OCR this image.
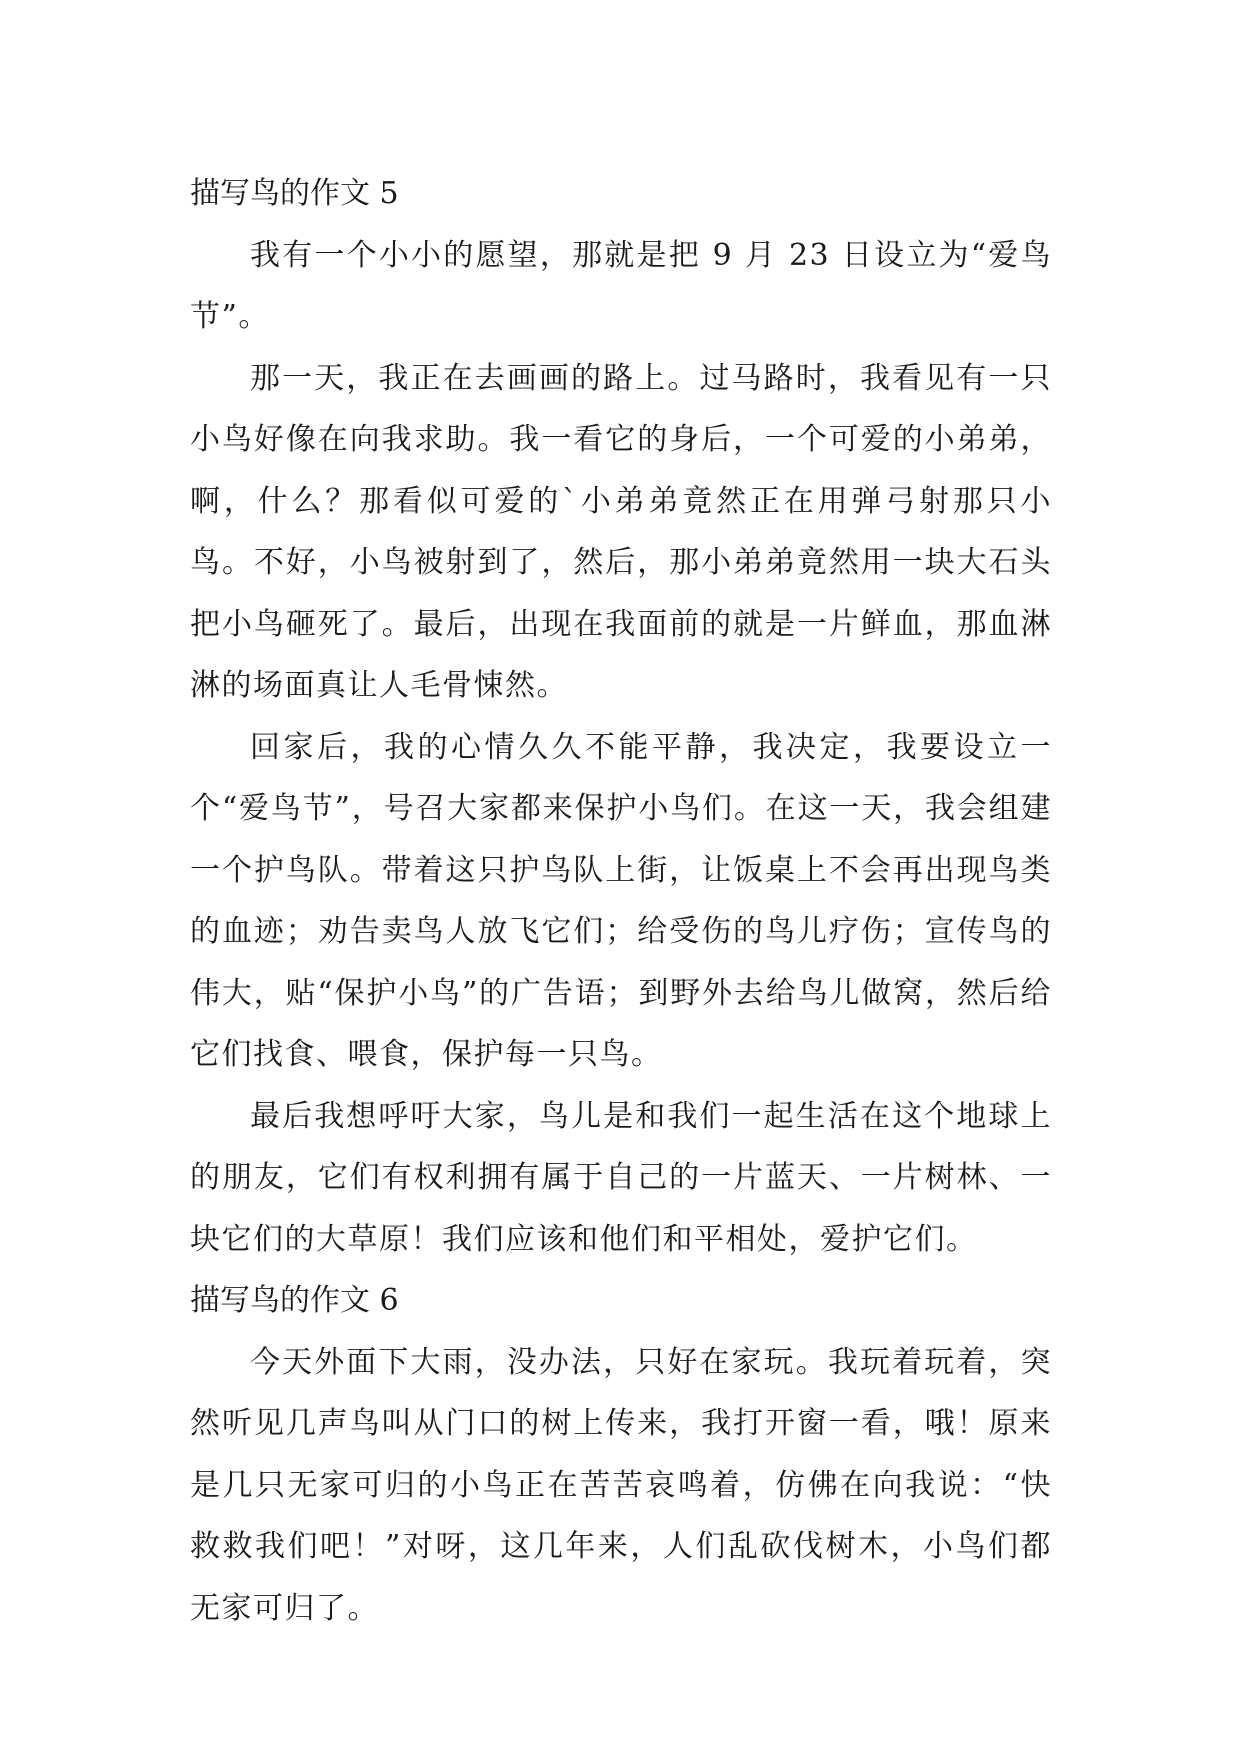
描写鸟的作文 5

我有一个小小的愿望，那就是把 9 月 23 日设立为“爱鸟节”。

那一天，我正在去画画的路上。过马路时，我看见有一只小鸟好像在向我求助。我一看它的身后，一个可爱的小弟弟，啊，什么？那看似可爱的`小弟弟竟然正在用弹弓射那只小鸟。不好，小鸟被射到了，然后，那小弟弟竟然用一块大石头把小鸟砸死了。最后，出现在我面前的就是一片鲜血，那血淋淋的场面真让人毛骨悚然。

回家后，我的心情久久不能平静，我决定，我要设立一个“爱鸟节”，号召大家都来保护小鸟们。在这一天，我会组建一个护鸟队。带着这只护鸟队上街，让饭桌上不会再出现鸟类的血迹；劝告卖鸟人放飞它们；给受伤的鸟儿疗伤；宣传鸟的伟大，贴“保护小鸟”的广告语；到野外去给鸟儿做窝，然后给它们找食、喂食，保护每一只鸟。

最后我想呼吁大家，鸟儿是和我们一起生活在这个地球上的朋友，它们有权利拥有属于自己的一片蓝天、一片树林、一块它们的大草原！我们应该和他们和平相处，爱护它们。

描写鸟的作文 6

今天外面下大雨，没办法，只好在家玩。我玩着玩着，突然听见几声鸟叫从门口的树上传来，我打开窗一看，哦！原来是几只无家可归的小鸟正在苦苦哀鸣着，仿佛在向我说：“快救救我们吧！”对呀，这几年来，人们乱砍伐树木，小鸟们都无家可归了。
